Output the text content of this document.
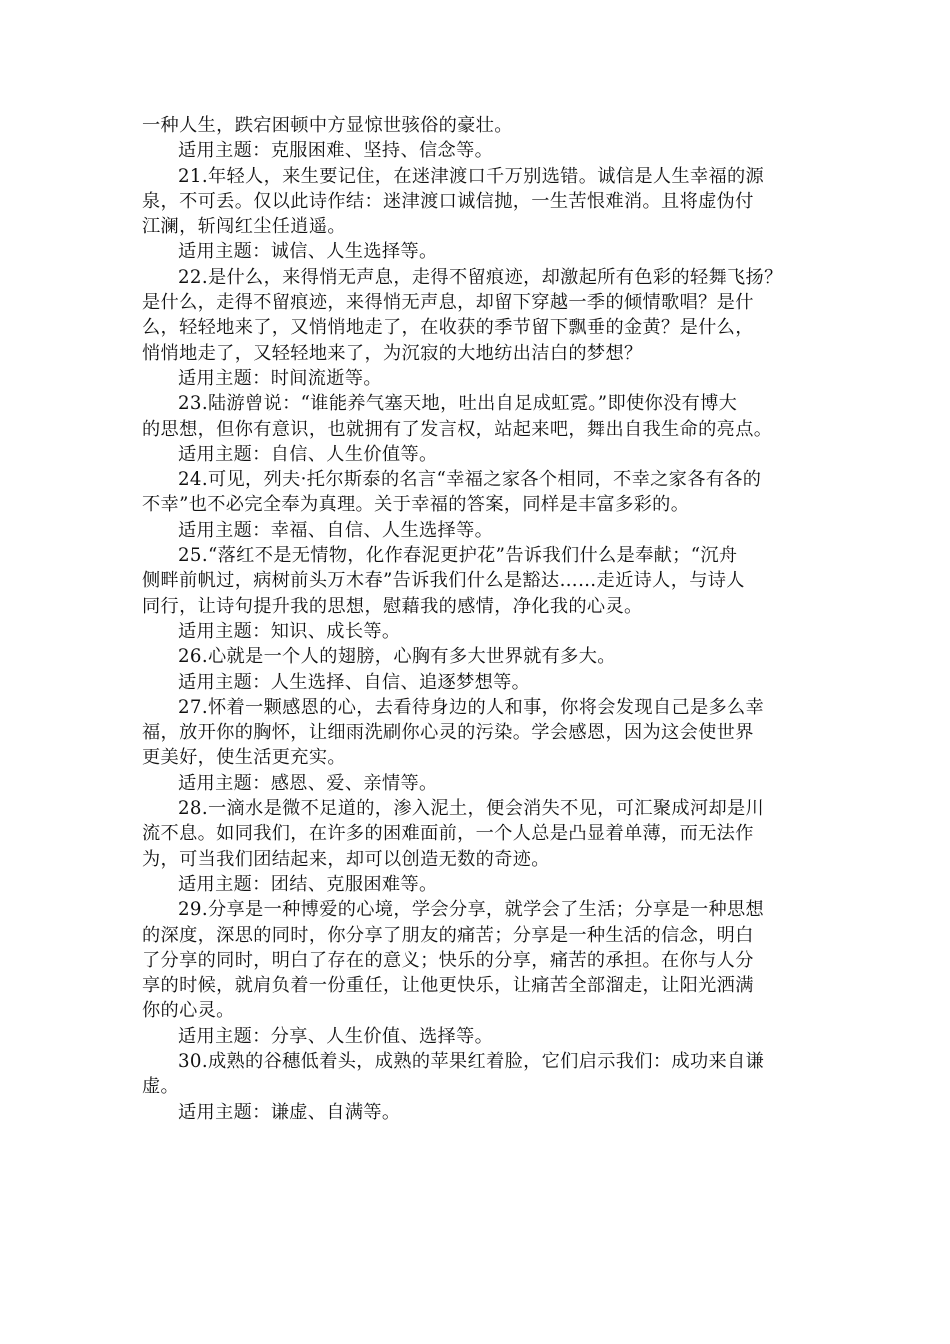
一种人生，跌宕困顿中方显惊世骇俗的豪壮。
适用主题：克服困难、坚持、信念等。
21.年轻人，来生要记住，在迷津渡口千万别选错。诚信是人生幸福的源
泉，不可丢。仅以此诗作结：迷津渡口诚信抛，一生苦恨难消。且将虚伪付
江澜，斩闯红尘任逍遥。
适用主题：诚信、人生选择等。
22.是什么，来得悄无声息，走得不留痕迹，却激起所有色彩的轻舞飞扬？
是什么，走得不留痕迹，来得悄无声息，却留下穿越一季的倾情歌唱？是什
么，轻轻地来了，又悄悄地走了，在收获的季节留下飘垂的金黄？是什么，
悄悄地走了，又轻轻地来了，为沉寂的大地纺出洁白的梦想？
适用主题：时间流逝等。
23.陆游曾说：“谁能养气塞天地，吐出自足成虹霓。”即使你没有博大
的思想，但你有意识，也就拥有了发言权，站起来吧，舞出自我生命的亮点。
适用主题：自信、人生价值等。
24.可见，列夫·托尔斯泰的名言“幸福之家各个相同，不幸之家各有各的
不幸”也不必完全奉为真理。关于幸福的答案，同样是丰富多彩的。
适用主题：幸福、自信、人生选择等。
25.“落红不是无情物，化作春泥更护花”告诉我们什么是奉献；“沉舟
侧畔前帆过，病树前头万木春”告诉我们什么是豁达……走近诗人，与诗人
同行，让诗句提升我的思想，慰藉我的感情，净化我的心灵。
适用主题：知识、成长等。
26.心就是一个人的翅膀，心胸有多大世界就有多大。
适用主题：人生选择、自信、追逐梦想等。
27.怀着一颗感恩的心，去看待身边的人和事，你将会发现自己是多么幸
福，放开你的胸怀，让细雨洗刷你心灵的污染。学会感恩，因为这会使世界
更美好，使生活更充实。
适用主题：感恩、爱、亲情等。
28.一滴水是微不足道的，渗入泥土，便会消失不见，可汇聚成河却是川
流不息。如同我们，在许多的困难面前，一个人总是凸显着单薄，而无法作
为，可当我们团结起来，却可以创造无数的奇迹。
适用主题：团结、克服困难等。
29.分享是一种博爱的心境，学会分享，就学会了生活；分享是一种思想
的深度，深思的同时，你分享了朋友的痛苦；分享是一种生活的信念，明白
了分享的同时，明白了存在的意义；快乐的分享，痛苦的承担。在你与人分
享的时候，就肩负着一份重任，让他更快乐，让痛苦全部溜走，让阳光洒满
你的心灵。
适用主题：分享、人生价值、选择等。
30.成熟的谷穗低着头，成熟的苹果红着脸，它们启示我们：成功来自谦
虚。
适用主题：谦虚、自满等。
